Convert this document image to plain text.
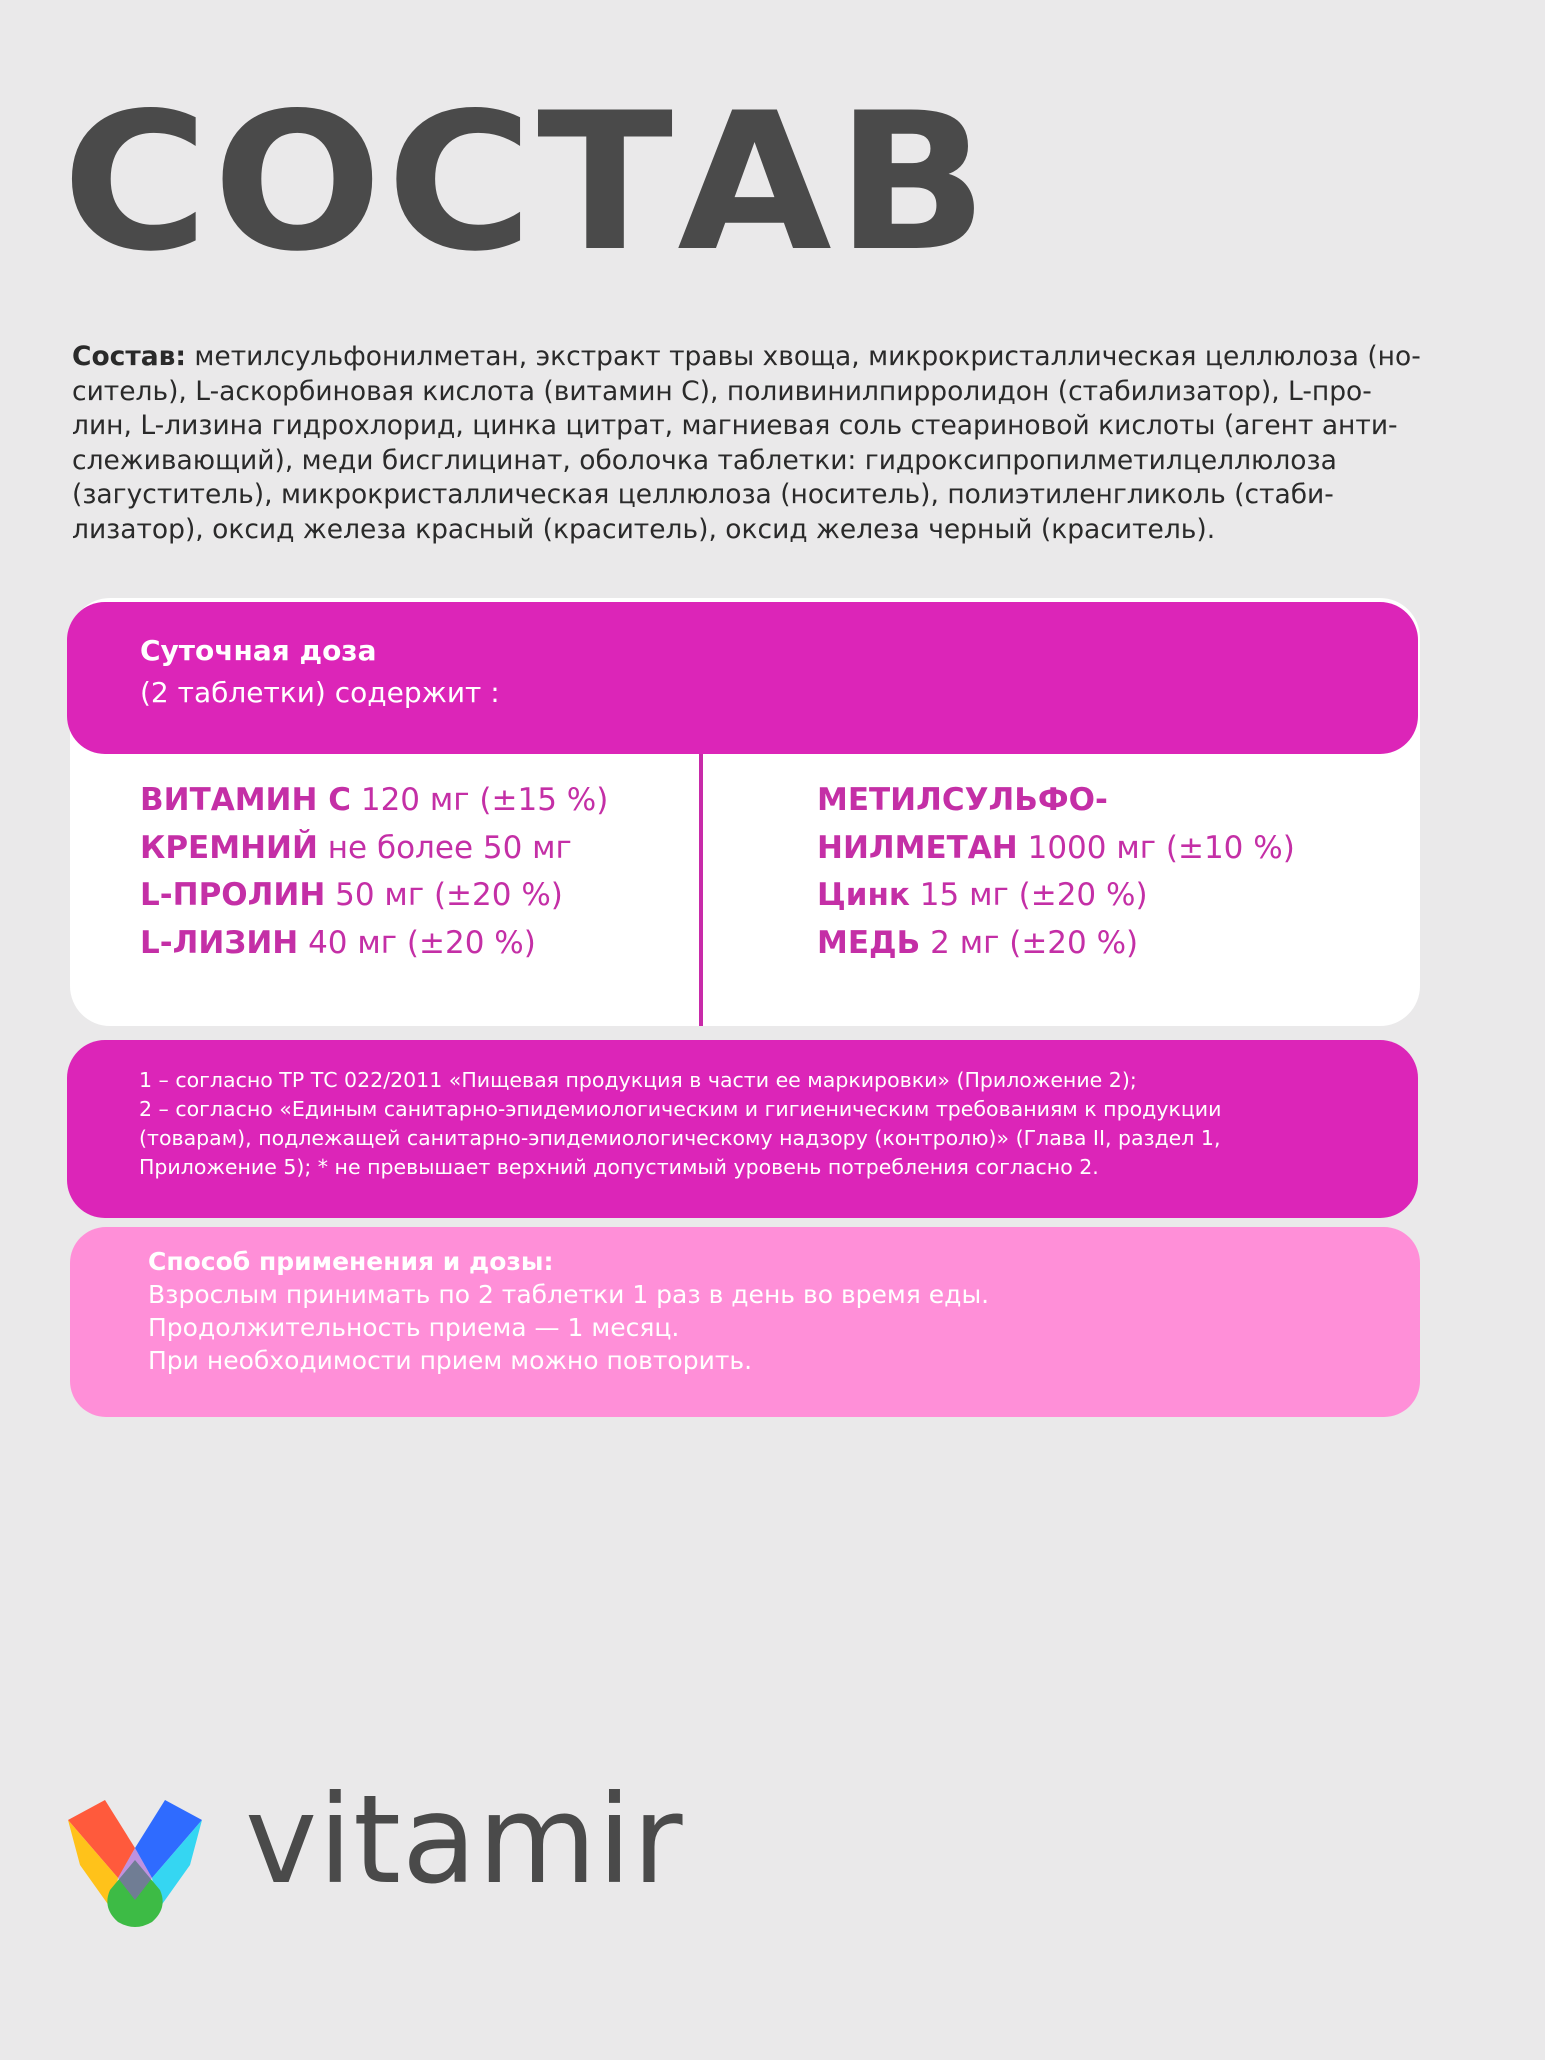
СОСТАВ

Состав: метилсульфонилметан, экстракт травы хвоща, микрокристаллическая целлюлоза (но-

ситель), L-аскорбиновая кислота (витамин С), поливинилпирролидон (стабилизатор), L-про-

лин, L-лизина гидрохлорид, цинка цитрат, магниевая соль стеариновой кислоты (агент анти-

слеживающий), меди бисглицинат, оболочка таблетки: гидроксипропилметилцеллюлоза

(загуститель), микрокристаллическая целлюлоза (носитель), полиэтиленгликоль (стаби-

лизатор), оксид железа красный (краситель), оксид железа черный (краситель).

Суточная доза
(2 таблетки) содержит :
ВИТАМИН С 120 мг (±15 %)
КРЕМНИЙ не более 50 мг
L-ПРОЛИН 50 мг (±20 %)
L-ЛИЗИН 40 мг (±20 %)
МЕТИЛСУЛЬФО-
НИЛМЕТАН 1000 мг (±10 %)
Цинк 15 мг (±20 %)
МЕДЬ 2 мг (±20 %)

1 – согласно ТР ТС 022/2011 «Пищевая продукция в части ее маркировки» (Приложение 2);

2 – согласно «Единым санитарно-эпидемиологическим и гигиеническим требованиям к продукции

(товарам), подлежащей санитарно-эпидемиологическому надзору (контролю)» (Глава II, раздел 1,

Приложение 5); * не превышает верхний допустимый уровень потребления согласно 2.

Способ применения и дозы:

Взрослым принимать по 2 таблетки 1 раз в день во время еды.

Продолжительность приема — 1 месяц.

При необходимости прием можно повторить.

vitamir
